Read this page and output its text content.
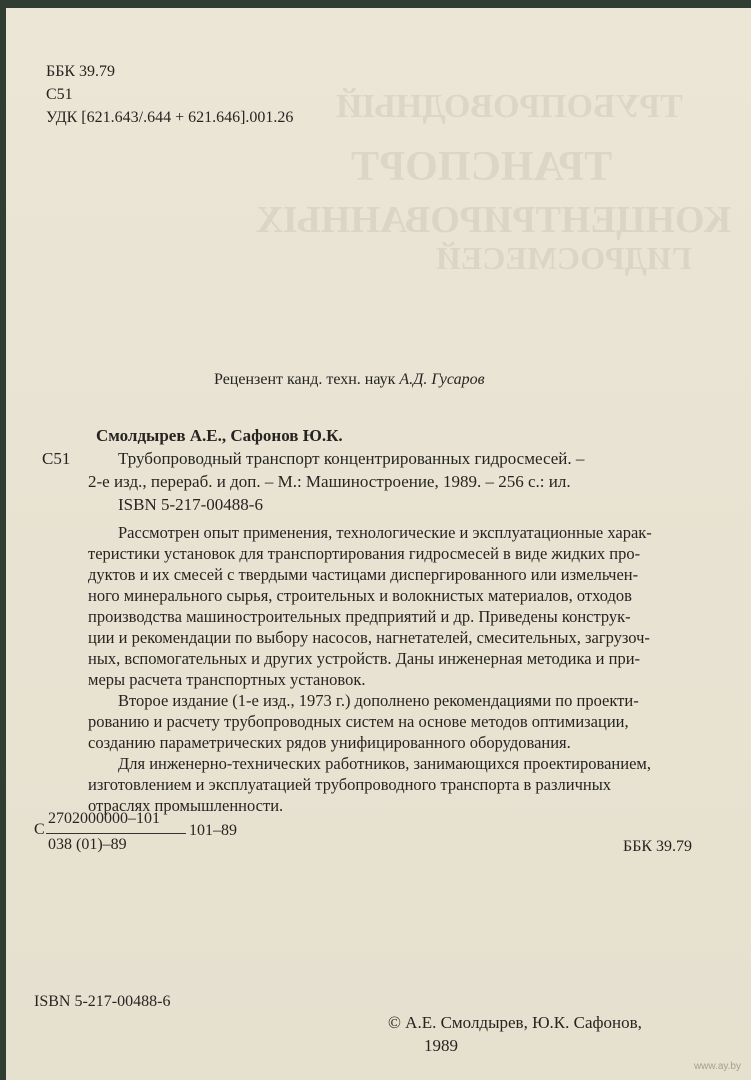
ТРУБОПРОВОДНЫЙ
ТРАНСПОРТ
КОНЦЕНТРИРОВАННЫХ
ГИДРОСМЕСЕЙ
ББК 39.79
С51
УДК [621.643/.644 + 621.646].001.26
Рецензент канд. техн. наук А.Д. Гусаров
Смолдырев А.Е., Сафонов Ю.К.
С51	Трубопроводный транспорт концентрированных гидросмесей. –
2-е изд., перераб. и доп. – М.: Машиностроение, 1989. – 256 с.: ил.
ISBN 5-217-00488-6
Рассмотрен опыт применения, технологические и эксплуатационные харак-
теристики установок для транспортирования гидросмесей в виде жидких про-
дуктов и их смесей с твердыми частицами диспергированного или измельчен-
ного минерального сырья, строительных и волокнистых материалов, отходов
производства машиностроительных предприятий и др. Приведены конструк-
ции и рекомендации по выбору насосов, нагнетателей, смесительных, загрузоч-
ных, вспомогательных и других устройств. Даны инженерная методика и при-
меры расчета транспортных установок.
Второе издание (1-е изд., 1973 г.) дополнено рекомендациями по проекти-
рованию и расчету трубопроводных систем на основе методов оптимизации,
созданию параметрических рядов унифицированного оборудования.
Для инженерно-технических работников, занимающихся проектированием,
изготовлением и эксплуатацией трубопроводного транспорта в различных
отраслях промышленности.
С
2702000000–101
038 (01)–89
101–89
ББК 39.79
ISBN 5-217-00488-6
© А.Е. Смолдырев, Ю.К. Сафонов,
1989
www.ay.by
